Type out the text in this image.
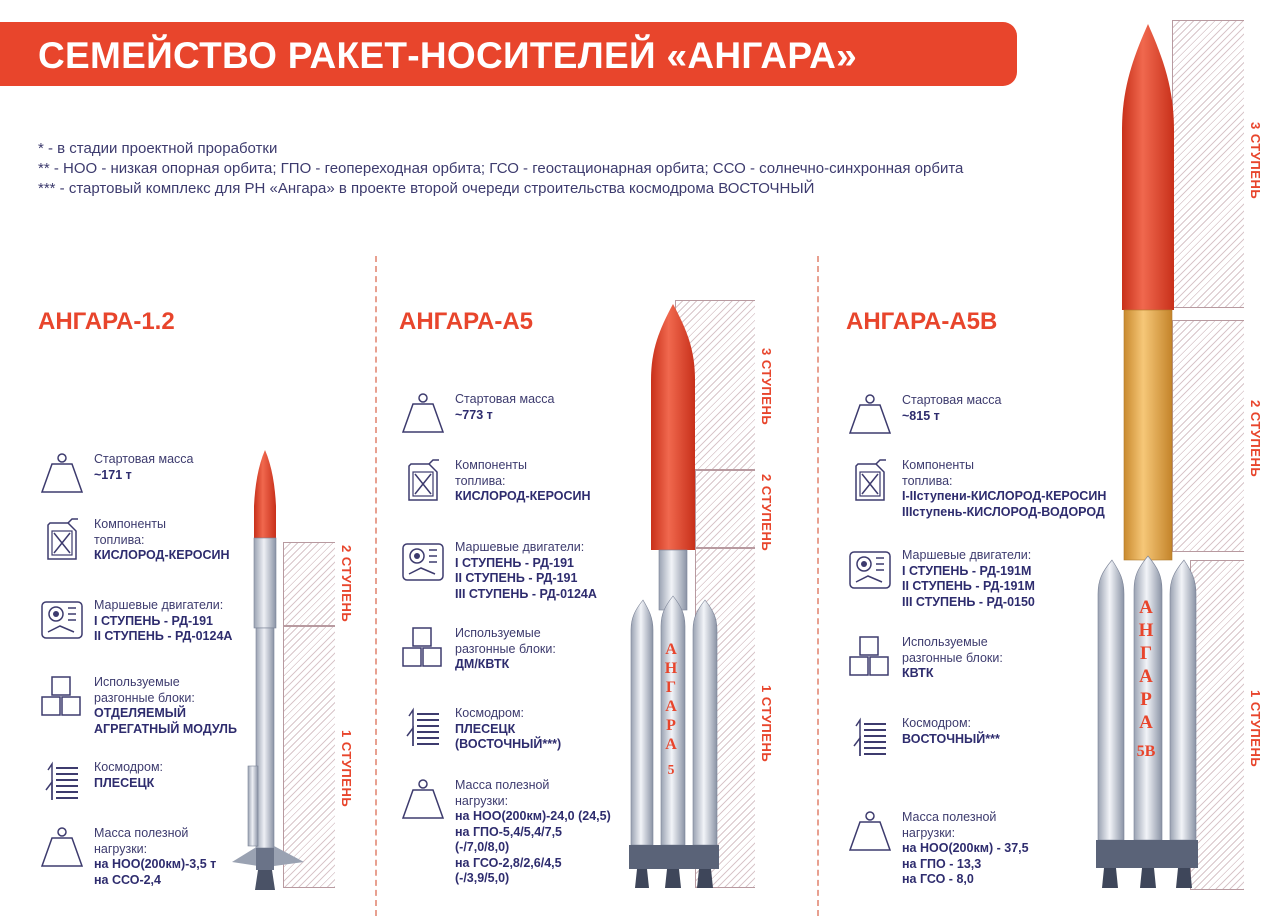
СЕМЕЙСТВО РАКЕТ-НОСИТЕЛЕЙ «АНГАРА»
* - в стадии проектной проработки
** - НОО - низкая опорная орбита; ГПО - геопереходная орбита; ГСО - геостационарная орбита; ССО - солнечно-синхронная орбита
*** - стартовый комплекс для РН «Ангара» в проекте второй очереди строительства космодрома ВОСТОЧНЫЙ
АНГАРА-1.2	АНГАРА-А5	АНГАРА-А5В
Стартовая масса
~171 т
Компоненты
топлива:
КИСЛОРОД-КЕРОСИН
Маршевые двигатели:
I СТУПЕНЬ - РД-191
II СТУПЕНЬ - РД-0124А
Используемые
разгонные блоки:
ОТДЕЛЯЕМЫЙ
АГРЕГАТНЫЙ МОДУЛЬ
Космодром:
ПЛЕСЕЦК
Масса полезной
нагрузки:
на НОО(200км)-3,5 т
на ССО-2,4
Стартовая масса
~773 т
Компоненты
топлива:
КИСЛОРОД-КЕРОСИН
Маршевые двигатели:
I СТУПЕНЬ - РД-191
II СТУПЕНЬ - РД-191
III СТУПЕНЬ - РД-0124А
Используемые
разгонные блоки:
ДМ/КВТК
Космодром:
ПЛЕСЕЦК
(ВОСТОЧНЫЙ***)
Масса полезной
нагрузки:
на НОО(200км)-24,0 (24,5)
на ГПО-5,4/5,4/7,5
(-/7,0/8,0)
на ГСО-2,8/2,6/4,5
(-/3,9/5,0)
Стартовая масса
~815 т
Компоненты
топлива:
I-IIступени-КИСЛОРОД-КЕРОСИН
IIIступень-КИСЛОРОД-ВОДОРОД
Маршевые двигатели:
I СТУПЕНЬ - РД-191М
II СТУПЕНЬ - РД-191М
III СТУПЕНЬ - РД-0150
Используемые
разгонные блоки:
КВТК
Космодром:
ВОСТОЧНЫЙ***
Масса полезной
нагрузки:
на НОО(200км) - 37,5
на ГПО - 13,3
на ГСО - 8,0
2 СТУПЕНЬ
1 СТУПЕНЬ
3 СТУПЕНЬ
2 СТУПЕНЬ
1 СТУПЕНЬ
3 СТУПЕНЬ
2 СТУПЕНЬ
1 СТУПЕНЬ
А
Н
Г
А
Р
А
5
А
Н
Г
А
Р
А
5В
